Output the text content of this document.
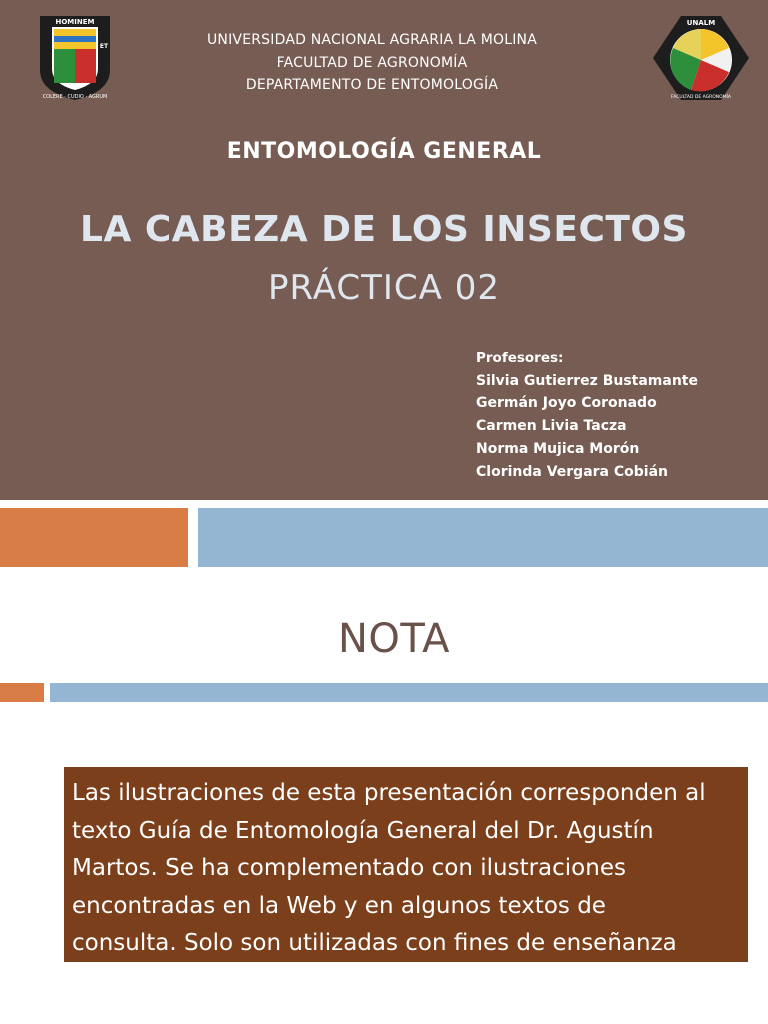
HOMINEM
ET
COLERE · CUDIO · AGRUM
UNALM
FACULTAD DE AGRONOMÍA
UNIVERSIDAD NACIONAL AGRARIA LA MOLINA
FACULTAD DE AGRONOMÍA
DEPARTAMENTO DE ENTOMOLOGÍA
ENTOMOLOGÍA GENERAL
LA CABEZA DE LOS INSECTOS
PRÁCTICA 02
Profesores:
Silvia Gutierrez Bustamante
Germán Joyo Coronado
Carmen Livia Tacza
Norma Mujica Morón
Clorinda Vergara Cobián
NOTA
Las ilustraciones de esta presentación corresponden al
texto Guía de Entomología General del Dr. Agustín
Martos. Se ha complementado con ilustraciones
encontradas en la Web y en algunos textos de
consulta. Solo son utilizadas con fines de enseñanza
